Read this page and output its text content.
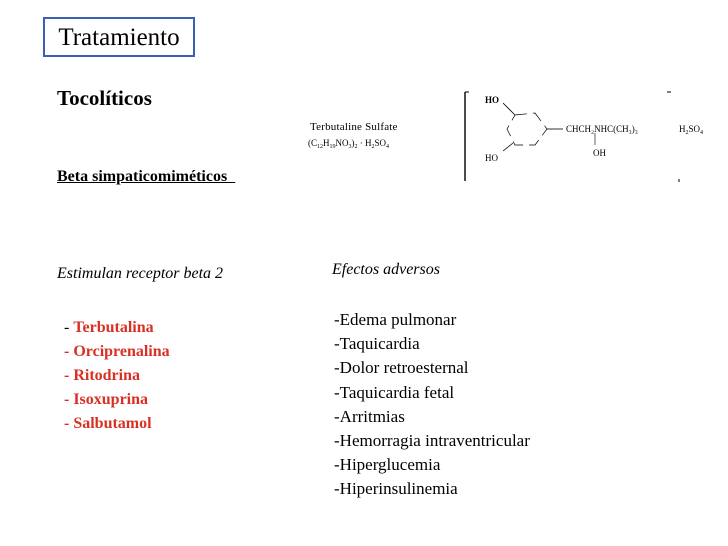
Tratamiento
Tocolíticos
Beta simpaticomiméticos
Estimulan receptor beta 2
- Terbutalina
- Orciprenalina
- Ritodrina
- Isoxuprina
- Salbutamol
Efectos adversos
-Edema pulmonar
-Taquicardia
-Dolor retroesternal
-Taquicardia fetal
-Arritmias
-Hemorragia intraventricular
-Hiperglucemia
-Hiperinsulinemia
Terbutaline Sulfate
$(C_{12}H_{19}NO_3)_2 \cdot H_2SO_4$
HO
HO
CHCH₂NHC(CH₃)₃
OH
$H_2SO_4$
